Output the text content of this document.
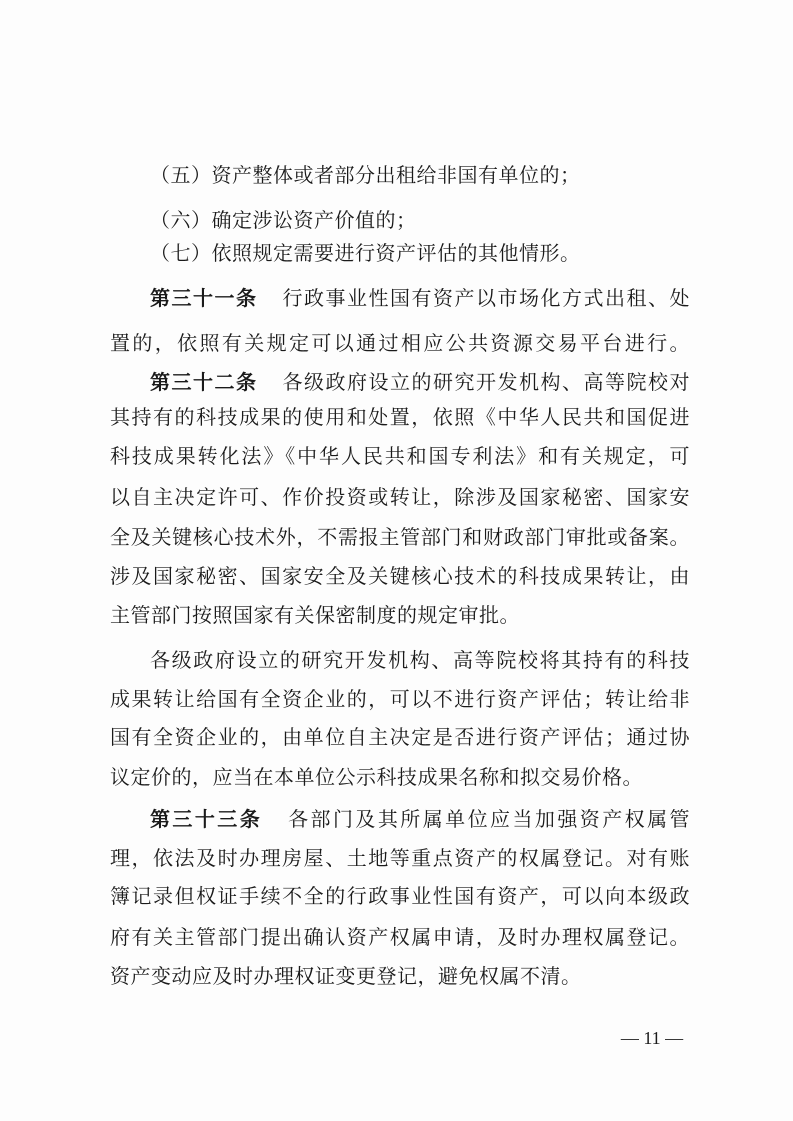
（五）资产整体或者部分出租给非国有单位的；
（六）确定涉讼资产价值的；
（七）依照规定需要进行资产评估的其他情形。
第三十一条 行政事业性国有资产以市场化方式出租、处
置的，依照有关规定可以通过相应公共资源交易平台进行。
第三十二条 各级政府设立的研究开发机构、高等院校对
其持有的科技成果的使用和处置，依照《中华人民共和国促进
科技成果转化法》《中华人民共和国专利法》和有关规定，可
以自主决定许可、作价投资或转让，除涉及国家秘密、国家安
全及关键核心技术外，不需报主管部门和财政部门审批或备案。
涉及国家秘密、国家安全及关键核心技术的科技成果转让，由
主管部门按照国家有关保密制度的规定审批。
各级政府设立的研究开发机构、高等院校将其持有的科技
成果转让给国有全资企业的，可以不进行资产评估；转让给非
国有全资企业的，由单位自主决定是否进行资产评估；通过协
议定价的，应当在本单位公示科技成果名称和拟交易价格。
第三十三条 各部门及其所属单位应当加强资产权属管
理，依法及时办理房屋、土地等重点资产的权属登记。对有账
簿记录但权证手续不全的行政事业性国有资产，可以向本级政
府有关主管部门提出确认资产权属申请，及时办理权属登记。
资产变动应及时办理权证变更登记，避免权属不清。
— 11 —
